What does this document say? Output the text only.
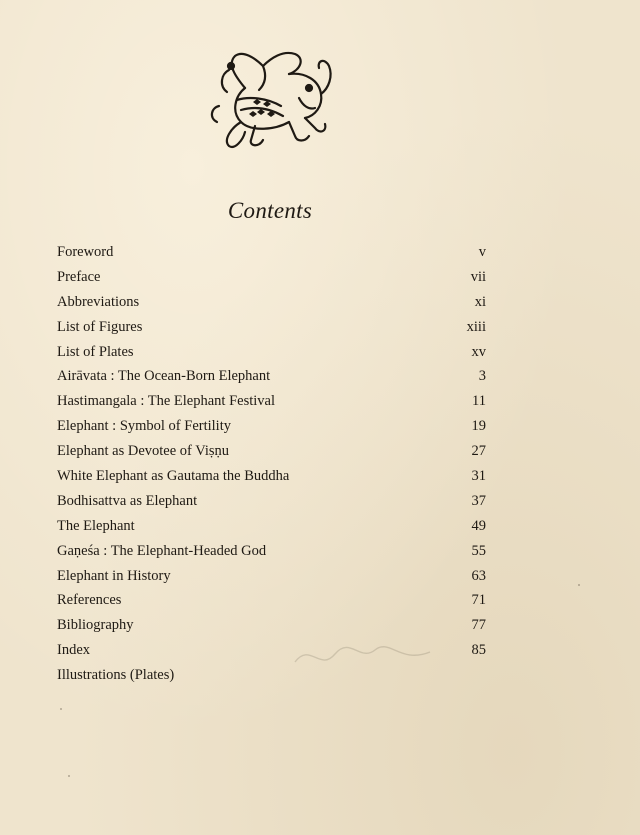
Contents
Foreword	v
Preface	vii
Abbreviations	xi
List of Figures	xiii
List of Plates	xv
Airāvata : The Ocean-Born Elephant	3
Hastimangala : The Elephant Festival	11
Elephant : Symbol of Fertility	19
Elephant as Devotee of Viṣṇu	27
White Elephant as Gautama the Buddha	31
Bodhisattva as Elephant	37
The Elephant	49
Gaṇeśa : The Elephant-Headed God	55
Elephant in History	63
References	71
Bibliography	77
Index	85
Illustrations (Plates)
